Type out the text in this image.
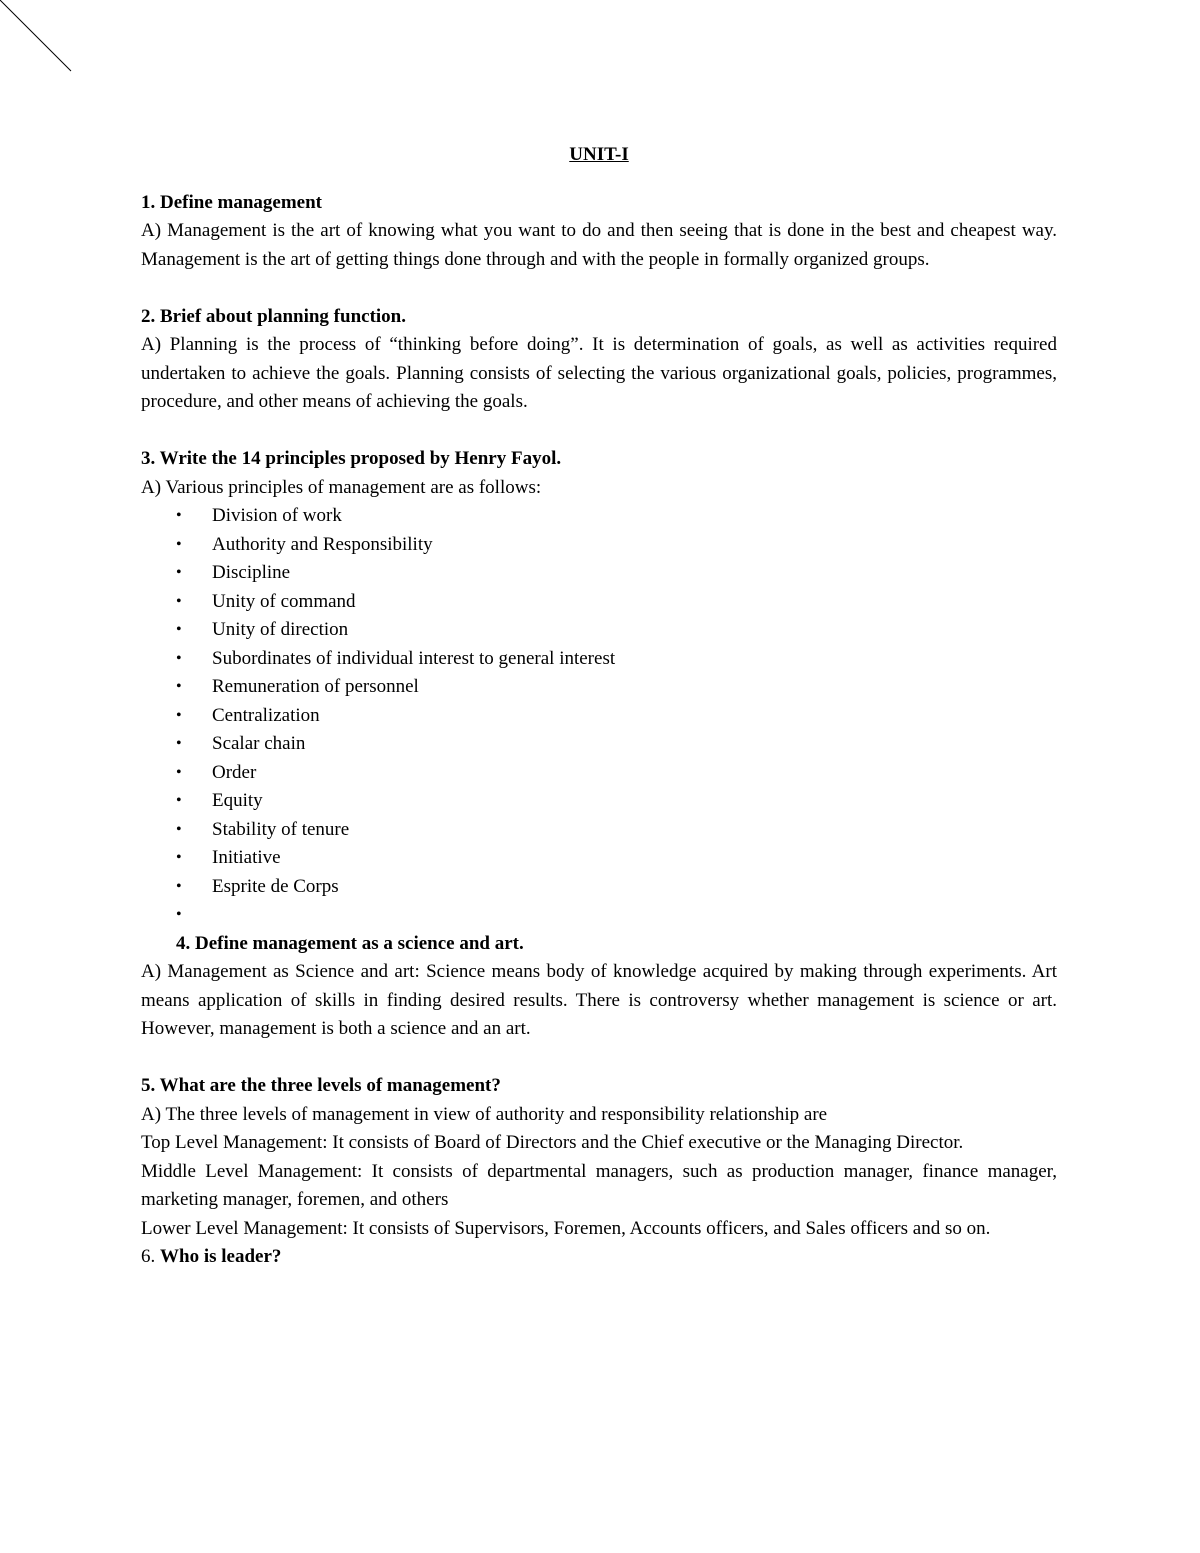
UNIT-I
1. Define management

A) Management is the art of knowing what you want to do and then seeing that is done in the best and cheapest way. Management is the art of getting things done through and with the people in formally organized groups.

2. Brief about planning function.

A) Planning is the process of “thinking before doing”. It is determination of goals, as well as activities required undertaken to achieve the goals. Planning consists of selecting the various organizational goals, policies, programmes, procedure, and other means of achieving the goals.

3. Write the 14 principles proposed by Henry Fayol.

A) Various principles of management are as follows:

• Division of work
• Authority and Responsibility
• Discipline
• Unity of command
• Unity of direction
• Subordinates of individual interest to general interest
• Remuneration of personnel
• Centralization
• Scalar chain
• Order
• Equity
• Stability of tenure
• Initiative
• Esprite de Corps
•
4. Define management as a science and art.

A) Management as Science and art: Science means body of knowledge acquired by making through experiments. Art means application of skills in finding desired results. There is controversy whether management is science or art. However, management is both a science and an art.

5. What are the three levels of management?

A) The three levels of management in view of authority and responsibility relationship are

Top Level Management: It consists of Board of Directors and the Chief executive or the Managing Director.

Middle Level Management: It consists of departmental managers, such as production manager, finance manager, marketing manager, foremen, and others

Lower Level Management: It consists of Supervisors, Foremen, Accounts officers, and Sales officers and so on.

6. Who is leader?
